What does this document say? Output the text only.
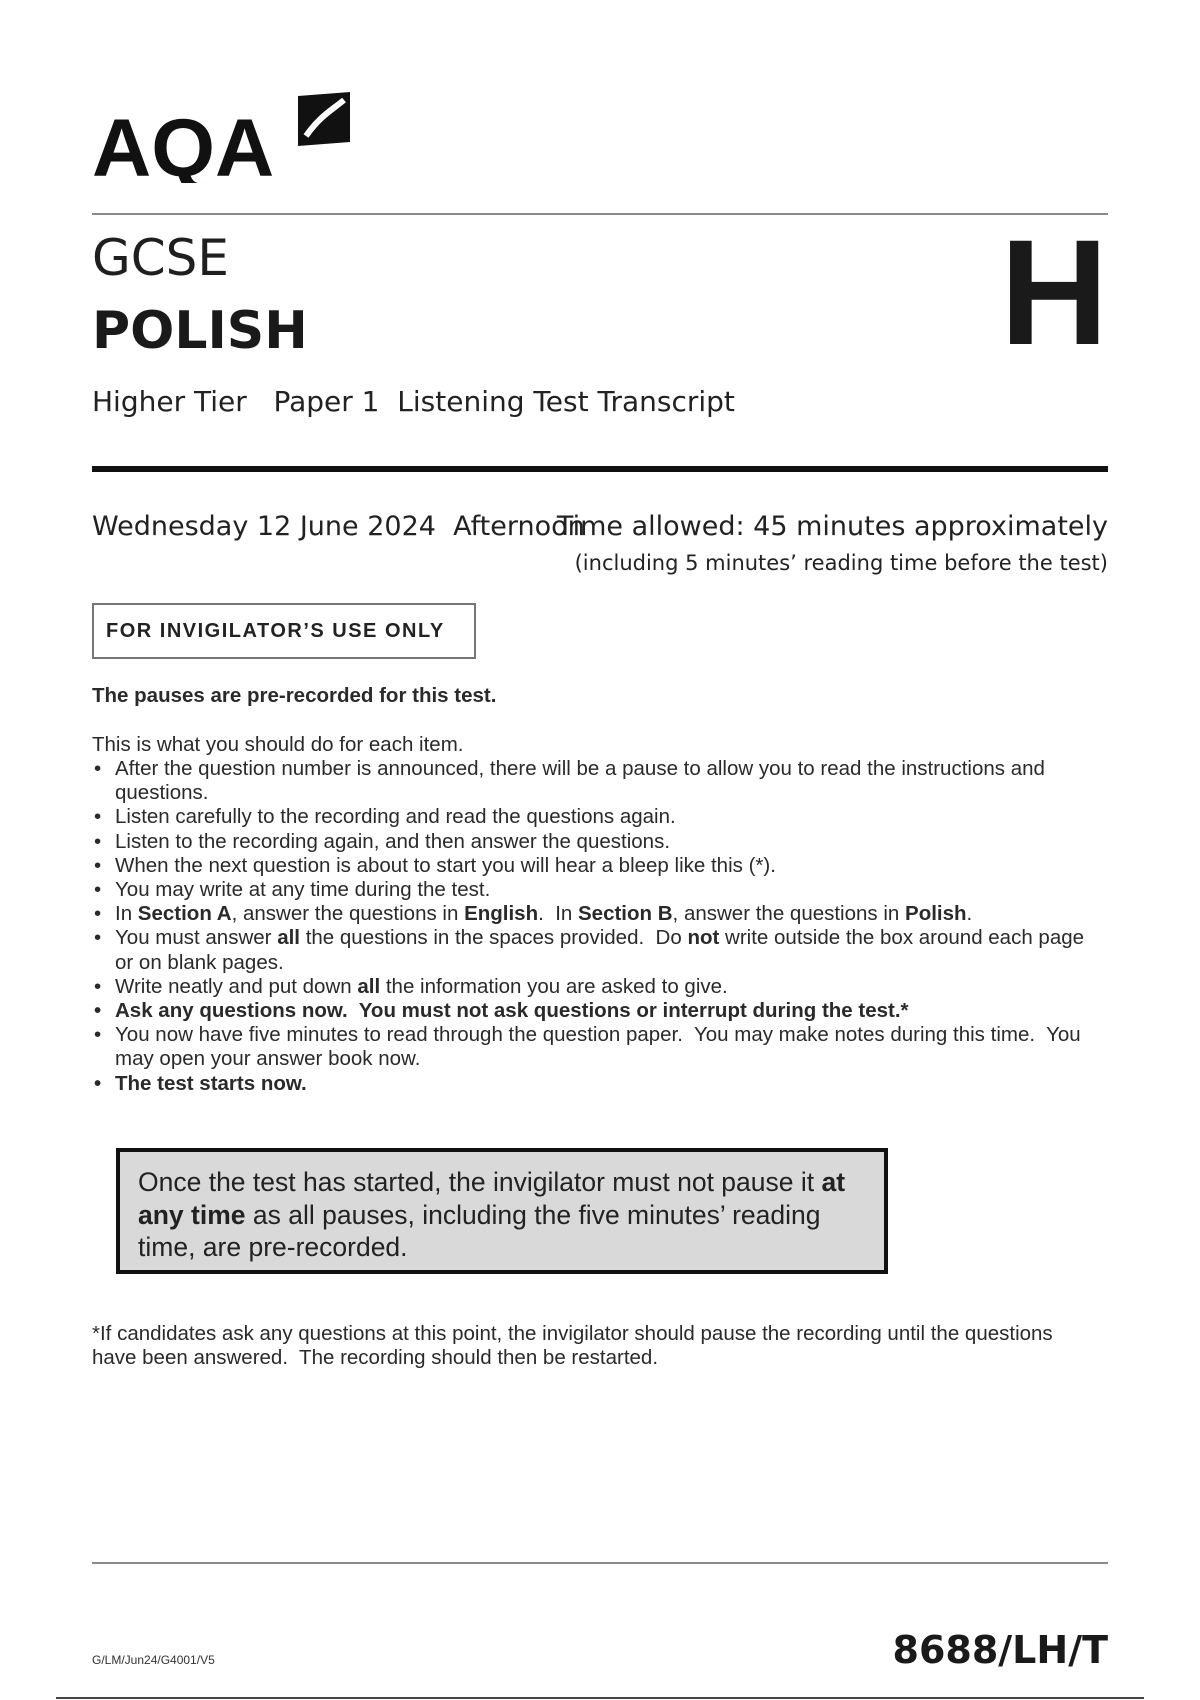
AQA
GCSE
POLISH	H
Higher Tier Paper 1 Listening Test Transcript
Wednesday 12 June 2024 Afternoon
Time allowed: 45 minutes approximately
(including 5 minutes’ reading time before the test)
FOR INVIGILATOR’S USE ONLY
The pauses are pre-recorded for this test.
This is what you should do for each item.
• After the question number is announced, there will be a pause to allow you to read the instructions and questions.
• Listen carefully to the recording and read the questions again.
• Listen to the recording again, and then answer the questions.
• When the next question is about to start you will hear a bleep like this (*).
• You may write at any time during the test.
• In Section A, answer the questions in English.  In Section B, answer the questions in Polish.
• You must answer all the questions in the spaces provided.  Do not write outside the box around each page or on blank pages.
• Write neatly and put down all the information you are asked to give.
• Ask any questions now.  You must not ask questions or interrupt during the test.*
• You now have five minutes to read through the question paper.  You may make notes during this time.  You may open your answer book now.
• The test starts now.
Once the test has started, the invigilator must not pause it at any time as all pauses, including the five minutes’ reading time, are pre-recorded.
*If candidates ask any questions at this point, the invigilator should pause the recording until the questions have been answered.  The recording should then be restarted.
G/LM/Jun24/G4001/V5	8688/LH/T
